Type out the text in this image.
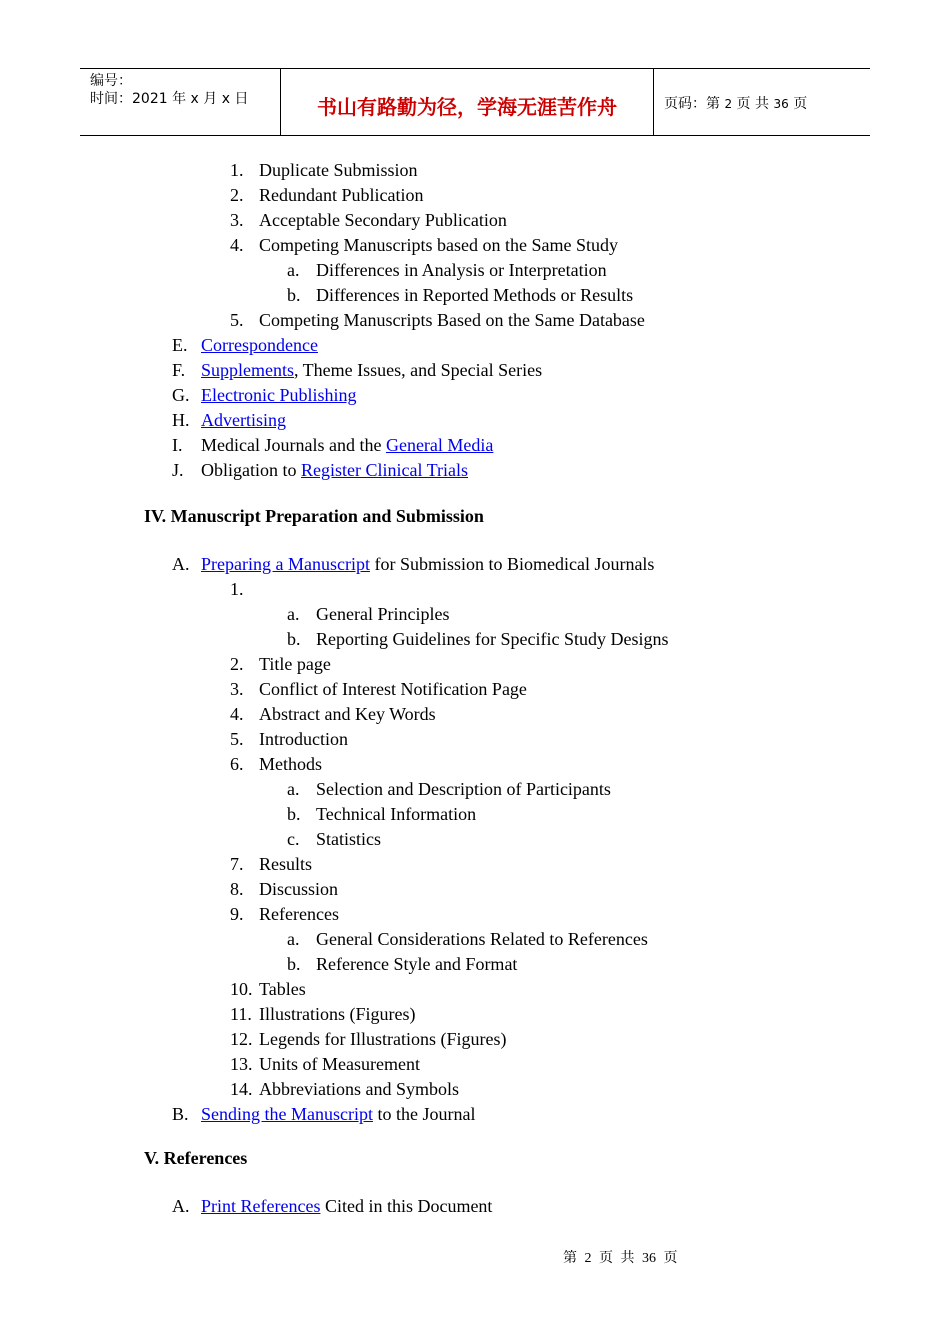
编号：
时间：2021 年 x 月 x 日	书山有路勤为径，学海无涯苦作舟	页码：第 2 页 共 36 页
1. Duplicate Submission
2. Redundant Publication
3. Acceptable Secondary Publication
4. Competing Manuscripts based on the Same Study
a. Differences in Analysis or Interpretation
b. Differences in Reported Methods or Results
5. Competing Manuscripts Based on the Same Database
E. Correspondence
F. Supplements, Theme Issues, and Special Series
G. Electronic Publishing
H. Advertising
I. Medical Journals and the General Media
J. Obligation to Register Clinical Trials
IV. Manuscript Preparation and Submission
A. Preparing a Manuscript for Submission to Biomedical Journals
1.
a. General Principles
b. Reporting Guidelines for Specific Study Designs
2. Title page
3. Conflict of Interest Notification Page
4. Abstract and Key Words
5. Introduction
6. Methods
a. Selection and Description of Participants
b. Technical Information
c. Statistics
7. Results
8. Discussion
9. References
a. General Considerations Related to References
b. Reference Style and Format
10. Tables
11. Illustrations (Figures)
12. Legends for Illustrations (Figures)
13. Units of Measurement
14. Abbreviations and Symbols
B. Sending the Manuscript to the Journal
V. References
A. Print References Cited in this Document
第 2 页 共 36 页
